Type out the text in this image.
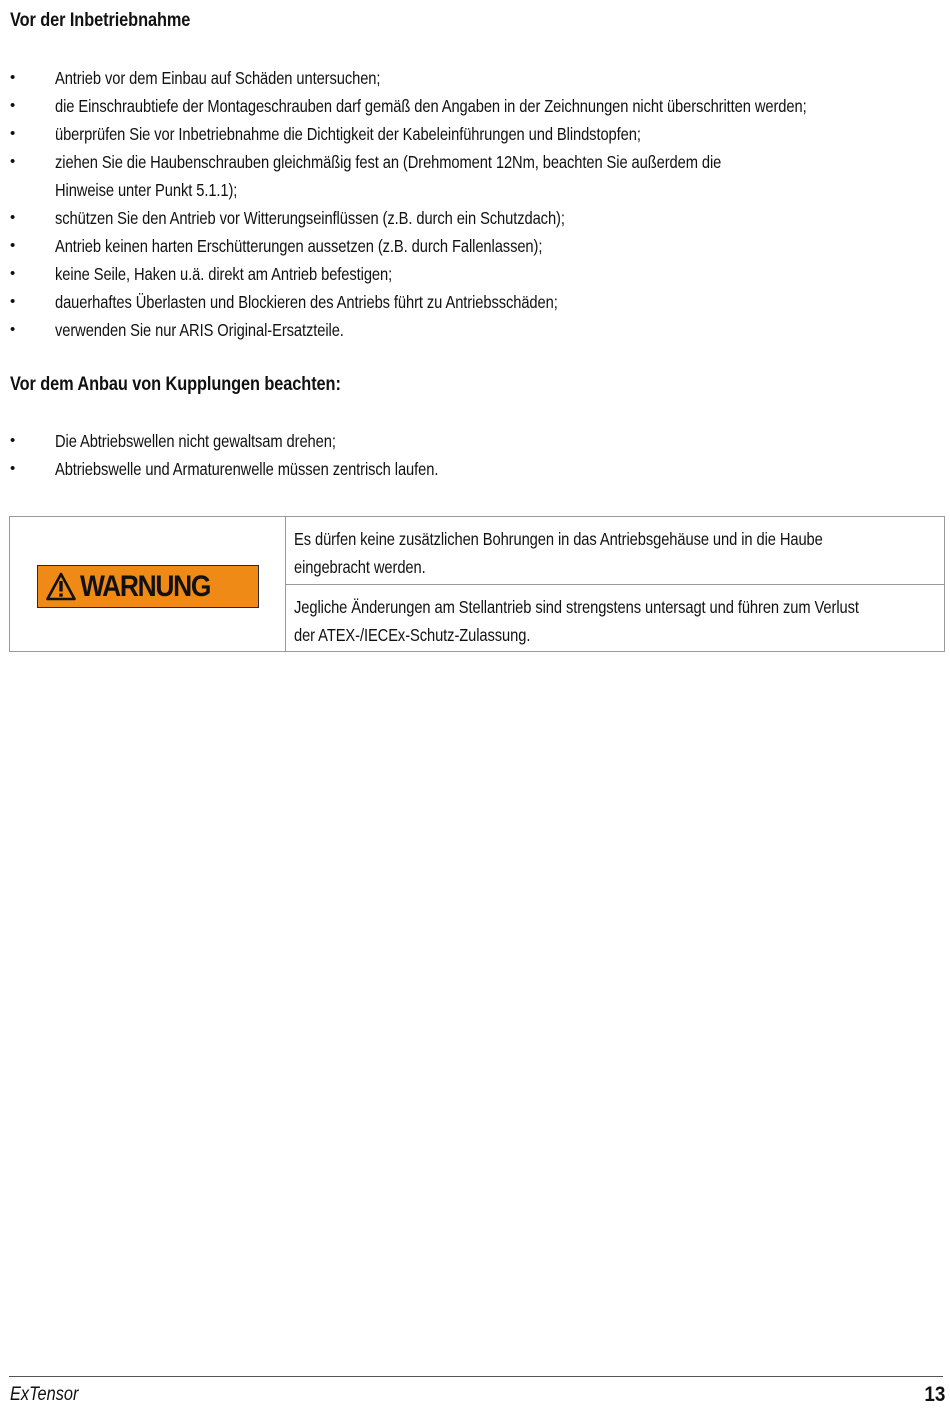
Vor der Inbetriebnahme
• Antrieb vor dem Einbau auf Schäden untersuchen;
• die Einschraubtiefe der Montageschrauben darf gemäß den Angaben in der Zeichnungen nicht überschritten werden;
• überprüfen Sie vor Inbetriebnahme die Dichtigkeit der Kabeleinführungen und Blindstopfen;
• ziehen Sie die Haubenschrauben gleichmäßig fest an (Drehmoment 12Nm, beachten Sie außerdem die
Hinweise unter Punkt 5.1.1);
• schützen Sie den Antrieb vor Witterungseinflüssen (z.B. durch ein Schutzdach);
• Antrieb keinen harten Erschütterungen aussetzen (z.B. durch Fallenlassen);
• keine Seile, Haken u.ä. direkt am Antrieb befestigen;
• dauerhaftes Überlasten und Blockieren des Antriebs führt zu Antriebsschäden;
• verwenden Sie nur ARIS Original-Ersatzteile.
Vor dem Anbau von Kupplungen beachten:
• Die Abtriebswellen nicht gewaltsam drehen;
• Abtriebswelle und Armaturenwelle müssen zentrisch laufen.
WARNUNG
Es dürfen keine zusätzlichen Bohrungen in das Antriebsgehäuse und in die Haube
eingebracht werden.
Jegliche Änderungen am Stellantrieb sind strengstens untersagt und führen zum Verlust
der ATEX-/IECEx-Schutz-Zulassung.
ExTensor	13
